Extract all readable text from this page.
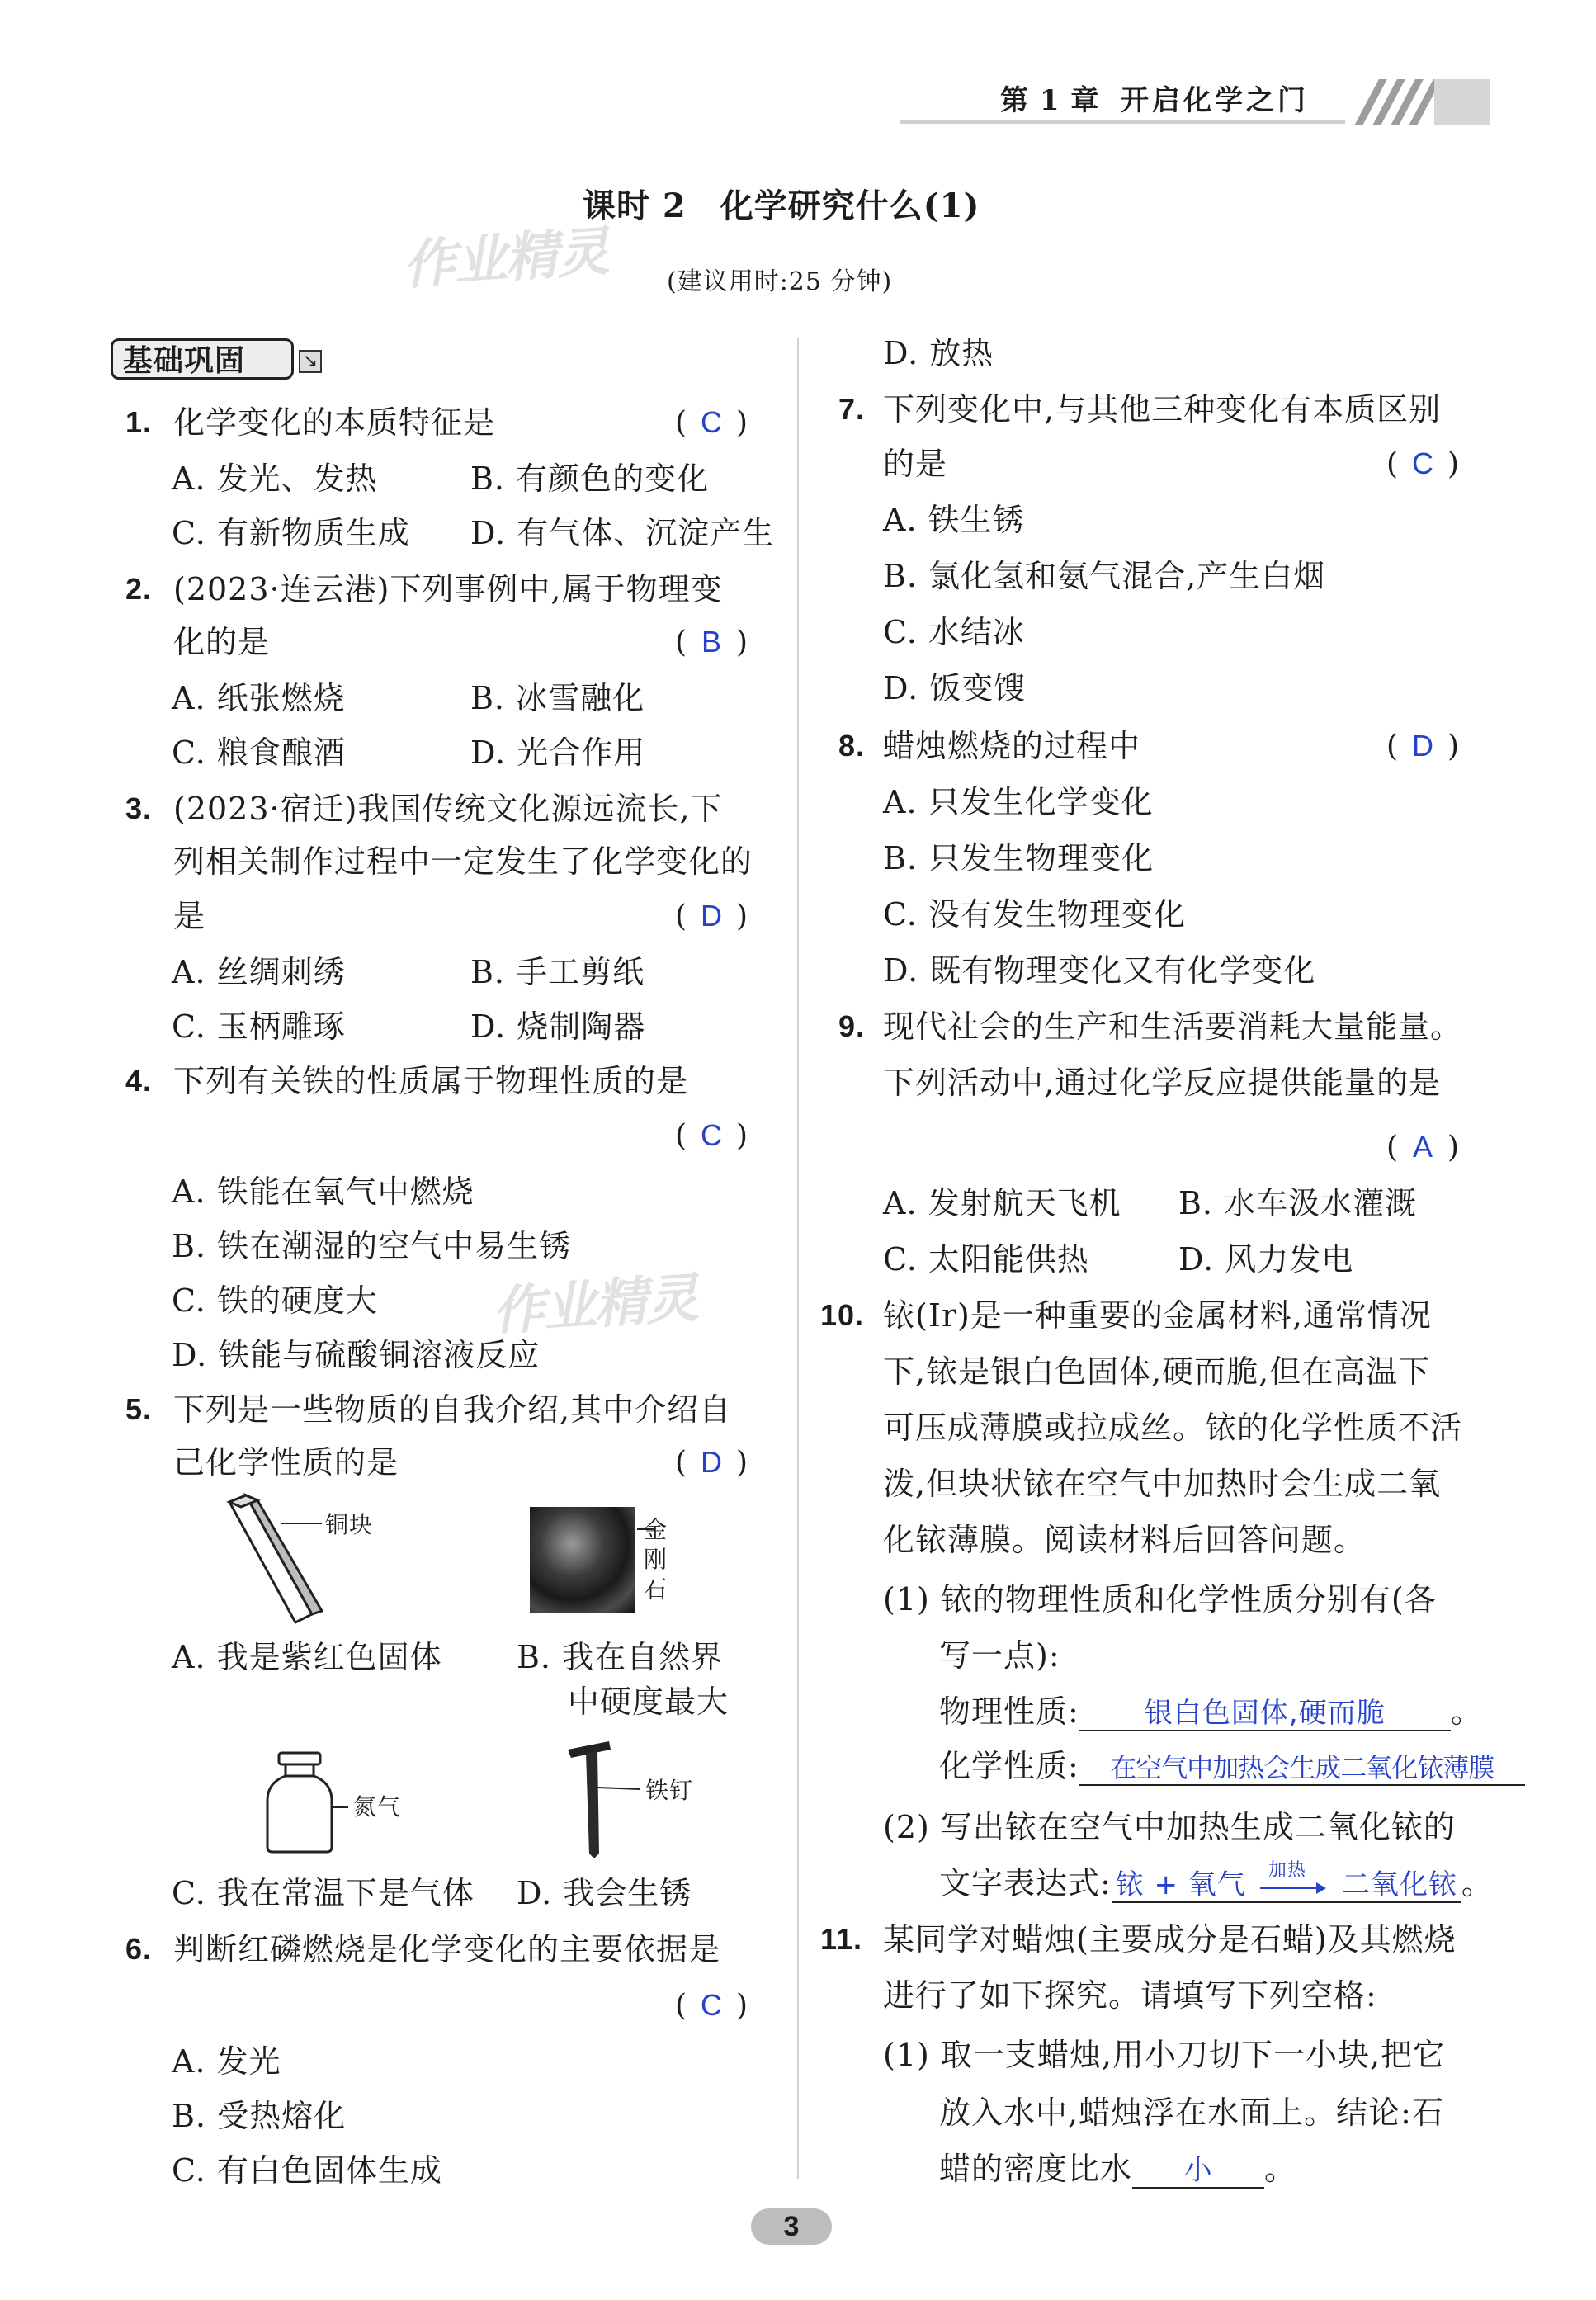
第 1 章 开启化学之门
课时 2　化学研究什么(1)
(建议用时:25 分钟)
作业精灵
作业精灵
基础巩固	↘
1. 化学变化的本质特征是	( C )
A. 发光、发热	B. 有颜色的变化
C. 有新物质生成 D. 有气体、沉淀产生
2. (2023·连云港)下列事例中,属于物理变
化的是	( B )
A. 纸张燃烧	B. 冰雪融化
C. 粮食酿酒	D. 光合作用
3. (2023·宿迁)我国传统文化源远流长,下
列相关制作过程中一定发生了化学变化的
是	( D )
A. 丝绸刺绣	B. 手工剪纸
C. 玉柄雕琢	D. 烧制陶器
4. 下列有关铁的性质属于物理性质的是
( C )
A. 铁能在氧气中燃烧
B. 铁在潮湿的空气中易生锈
C. 铁的硬度大
D. 铁能与硫酸铜溶液反应
5. 下列是一些物质的自我介绍,其中介绍自
己化学性质的是	( D )
铜块	金
刚
石
A. 我是紫红色固体 B. 我在自然界
中硬度最大
氮气
铁钉
C. 我在常温下是气体 D. 我会生锈
6. 判断红磷燃烧是化学变化的主要依据是
( C )
A. 发光
B. 受热熔化
C. 有白色固体生成
D. 放热
7. 下列变化中,与其他三种变化有本质区别
的是	( C )
A. 铁生锈
B. 氯化氢和氨气混合,产生白烟
C. 水结冰
D. 饭变馊
8. 蜡烛燃烧的过程中	( D )
A. 只发生化学变化
B. 只发生物理变化
C. 没有发生物理变化
D. 既有物理变化又有化学变化
9. 现代社会的生产和生活要消耗大量能量。
下列活动中,通过化学反应提供能量的是
( A )
A. 发射航天飞机 B. 水车汲水灌溉
C. 太阳能供热	D. 风力发电
10. 铱(Ir)是一种重要的金属材料,通常情况
下,铱是银白色固体,硬而脆,但在高温下
可压成薄膜或拉成丝。铱的化学性质不活
泼,但块状铱在空气中加热时会生成二氧
化铱薄膜。阅读材料后回答问题。
(1) 铱的物理性质和化学性质分别有(各
写一点):
物理性质: 银白色固体,硬而脆 。
化学性质: 在空气中加热会生成二氧化铱薄膜
(2) 写出铱在空气中加热生成二氧化铱的
文字表达式: 铱 + 氧气 加热 二氧化铱 。
11. 某同学对蜡烛(主要成分是石蜡)及其燃烧
进行了如下探究。请填写下列空格:
(1) 取一支蜡烛,用小刀切下一小块,把它
放入水中,蜡烛浮在水面上。结论:石
蜡的密度比水 小 。
3
